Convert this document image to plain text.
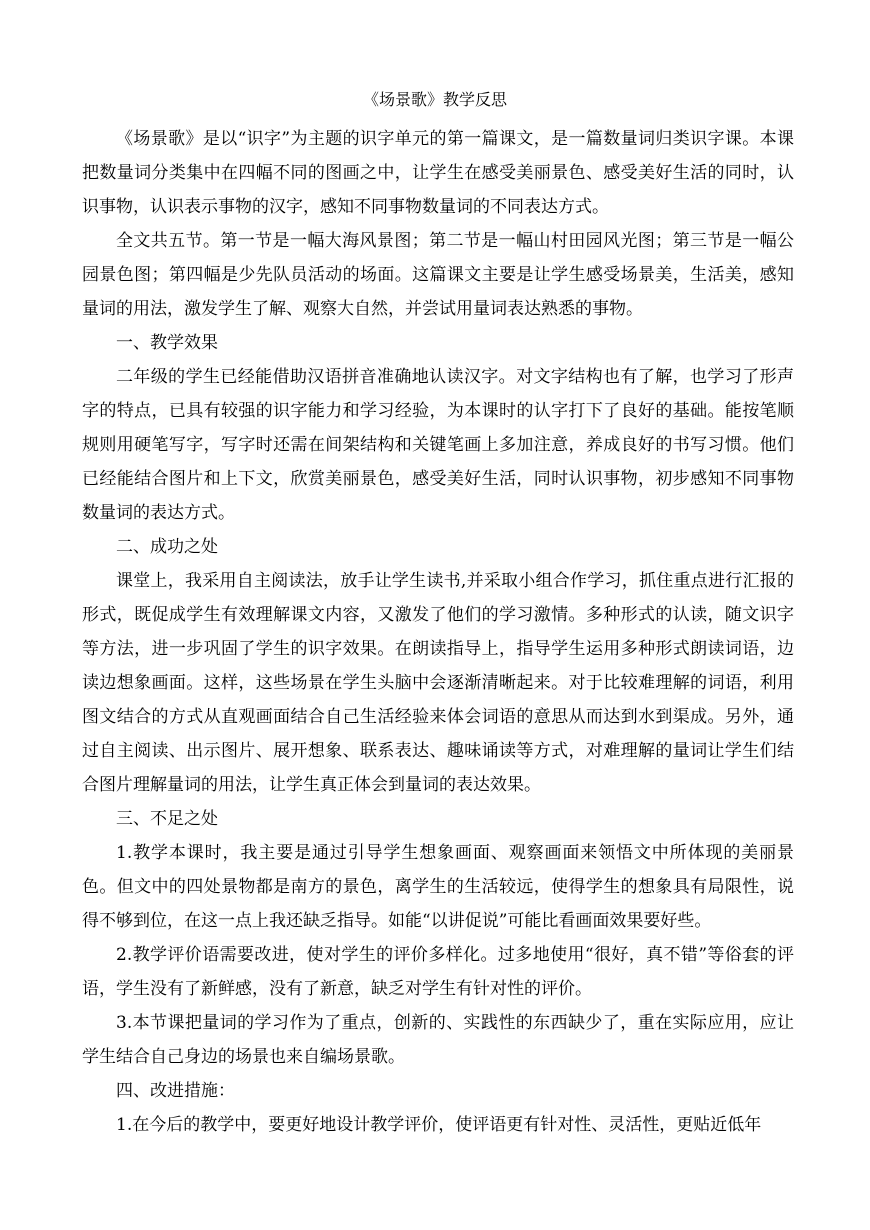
《场景歌》教学反思

《场景歌》是以“识字”为主题的识字单元的第一篇课文，是一篇数量词归类识字课。本课把数量词分类集中在四幅不同的图画之中，让学生在感受美丽景色、感受美好生活的同时，认识事物，认识表示事物的汉字，感知不同事物数量词的不同表达方式。

全文共五节。第一节是一幅大海风景图；第二节是一幅山村田园风光图；第三节是一幅公园景色图；第四幅是少先队员活动的场面。这篇课文主要是让学生感受场景美，生活美，感知量词的用法，激发学生了解、观察大自然，并尝试用量词表达熟悉的事物。

一、教学效果

二年级的学生已经能借助汉语拼音准确地认读汉字。对文字结构也有了解，也学习了形声字的特点，已具有较强的识字能力和学习经验，为本课时的认字打下了良好的基础。能按笔顺规则用硬笔写字，写字时还需在间架结构和关键笔画上多加注意，养成良好的书写习惯。他们已经能结合图片和上下文，欣赏美丽景色，感受美好生活，同时认识事物，初步感知不同事物数量词的表达方式。

二、成功之处

课堂上，我采用自主阅读法，放手让学生读书,并采取小组合作学习，抓住重点进行汇报的形式，既促成学生有效理解课文内容，又激发了他们的学习激情。多种形式的认读，随文识字等方法，进一步巩固了学生的识字效果。在朗读指导上，指导学生运用多种形式朗读词语，边读边想象画面。这样，这些场景在学生头脑中会逐渐清晰起来。对于比较难理解的词语，利用图文结合的方式从直观画面结合自己生活经验来体会词语的意思从而达到水到渠成。另外，通过自主阅读、出示图片、展开想象、联系表达、趣味诵读等方式，对难理解的量词让学生们结合图片理解量词的用法，让学生真正体会到量词的表达效果。

三、不足之处

1.教学本课时，我主要是通过引导学生想象画面、观察画面来领悟文中所体现的美丽景色。但文中的四处景物都是南方的景色，离学生的生活较远，使得学生的想象具有局限性，说得不够到位，在这一点上我还缺乏指导。如能“以讲促说”可能比看画面效果要好些。

2.教学评价语需要改进，使对学生的评价多样化。过多地使用“很好，真不错”等俗套的评语，学生没有了新鲜感，没有了新意，缺乏对学生有针对性的评价。

3.本节课把量词的学习作为了重点，创新的、实践性的东西缺少了，重在实际应用，应让学生结合自己身边的场景也来自编场景歌。

四、改进措施：

1.在今后的教学中，要更好地设计教学评价，使评语更有针对性、灵活性，更贴近低年
